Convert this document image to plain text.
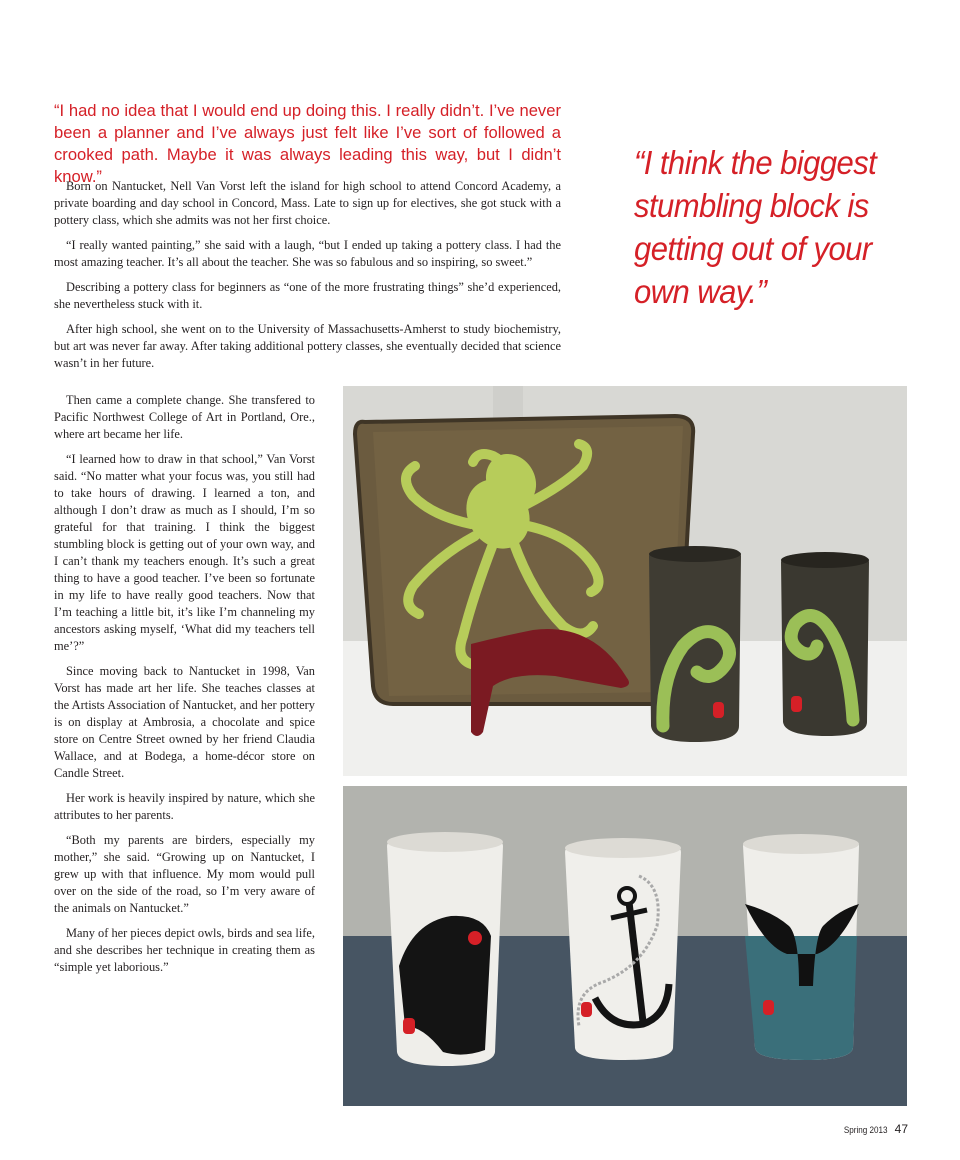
“I had no idea that I would end up doing this. I really didn’t. I’ve never been a planner and I’ve always just felt like I’ve sort of followed a crooked path. Maybe it was always leading this way, but I didn’t know.”

Born on Nantucket, Nell Van Vorst left the island for high school to attend Concord Academy, a private boarding and day school in Concord, Mass. Late to sign up for electives, she got stuck with a pottery class, which she admits was not her first choice.

“I really wanted painting,” she said with a laugh, “but I ended up taking a pottery class. I had the most amazing teacher. It’s all about the teacher. She was so fabulous and so inspiring, so sweet.”

Describing a pottery class for beginners as “one of the more frustrating things” she’d experienced, she nevertheless stuck with it.

After high school, she went on to the University of Massachusetts-Amherst to study biochemistry, but art was never far away. After taking additional pottery classes, she eventually decided that science wasn’t in her future.

“I think the biggest stumbling block is getting out of your own way.”

Then came a complete change. She transfered to Pacific Northwest College of Art in Portland, Ore., where art became her life.

“I learned how to draw in that school,” Van Vorst said. “No matter what your focus was, you still had to take hours of drawing. I learned a ton, and although I don’t draw as much as I should, I’m so grateful for that training. I think the biggest stumbling block is getting out of your own way, and I can’t thank my teachers enough. It’s such a great thing to have a good teacher. I’ve been so fortunate in my life to have really good teachers. Now that I’m teaching a little bit, it’s like I’m channeling my ancestors asking myself, ‘What did my teachers tell me’?”

Since moving back to Nantucket in 1998, Van Vorst has made art her life. She teaches classes at the Artists Association of Nantucket, and her pottery is on display at Ambrosia, a chocolate and spice store on Centre Street owned by her friend Claudia Wallace, and at Bodega, a home-décor store on Candle Street.

Her work is heavily inspired by nature, which she attributes to her parents.

“Both my parents are birders, especially my mother,” she said. “Growing up on Nantucket, I grew up with that influence. My mom would pull over on the side of the road, so I’m very aware of the animals on Nantucket.”

Many of her pieces depict owls, birds and sea life, and she describes her technique in creating them as “simple yet laborious.”

Spring 2013 47
